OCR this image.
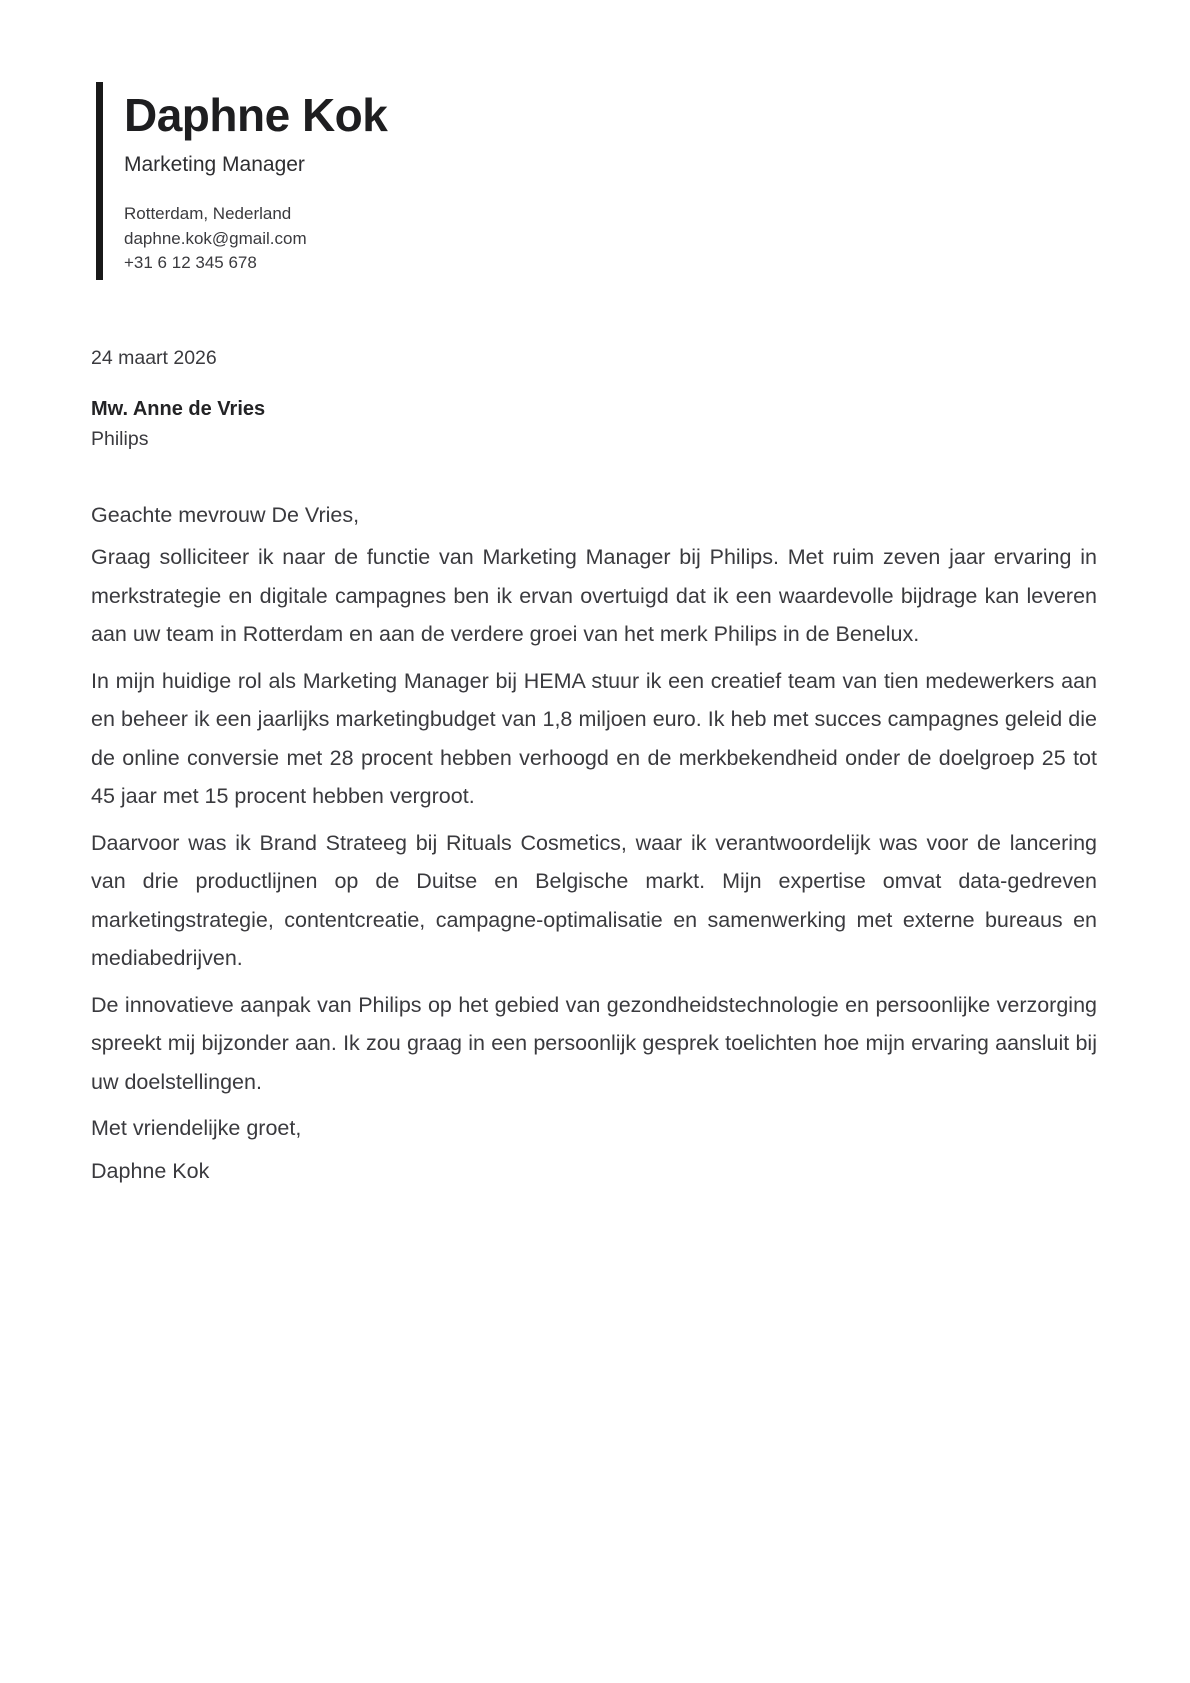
Daphne Kok
Marketing Manager
Rotterdam, Nederland
daphne.kok@gmail.com
+31 6 12 345 678
24 maart 2026
Mw. Anne de Vries
Philips

Geachte mevrouw De Vries,

Graag solliciteer ik naar de functie van Marketing Manager bij Philips. Met ruim zeven jaar ervaring in merkstrategie en digitale campagnes ben ik ervan overtuigd dat ik een waardevolle bijdrage kan leveren aan uw team in Rotterdam en aan de verdere groei van het merk Philips in de Benelux.

In mijn huidige rol als Marketing Manager bij HEMA stuur ik een creatief team van tien medewerkers aan en beheer ik een jaarlijks marketingbudget van 1,8 miljoen euro. Ik heb met succes campagnes geleid die de online conversie met 28 procent hebben verhoogd en de merkbekendheid onder de doelgroep 25 tot 45 jaar met 15 procent hebben vergroot.

Daarvoor was ik Brand Strateeg bij Rituals Cosmetics, waar ik verantwoordelijk was voor de lancering van drie productlijnen op de Duitse en Belgische markt. Mijn expertise omvat data-gedreven marketingstrategie, contentcreatie, campagne-optimalisatie en samenwerking met externe bureaus en mediabedrijven.

De innovatieve aanpak van Philips op het gebied van gezondheidstechnologie en persoonlijke verzorging spreekt mij bijzonder aan. Ik zou graag in een persoonlijk gesprek toelichten hoe mijn ervaring aansluit bij uw doelstellingen.

Met vriendelijke groet,

Daphne Kok
